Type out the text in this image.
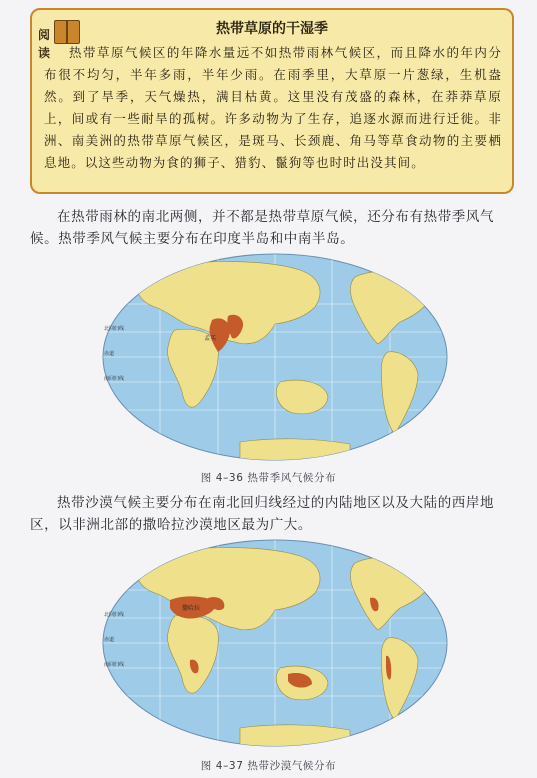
阅
读
热带草原的干湿季
热带草原气候区的年降水量远不如热带雨林气候区，而且降水的年内分布很不均匀，半年多雨，半年少雨。在雨季里，大草原一片葱绿，生机盎然。到了旱季，天气燥热，满目枯黄。这里没有茂盛的森林，在莽莽草原上，间或有一些耐旱的孤树。许多动物为了生存，追逐水源而进行迁徙。非洲、南美洲的热带草原气候区，是斑马、长颈鹿、角马等草食动物的主要栖息地。以这些动物为食的狮子、猎豹、鬣狗等也时时出没其间。
在热带雨林的南北两侧，并不都是热带草原气候，还分布有热带季风气候。热带季风气候主要分布在印度半岛和中南半岛。
孟买
北回归线
赤道
南回归线
图 4–36 热带季风气候分布
热带沙漠气候主要分布在南北回归线经过的内陆地区以及大陆的西岸地区，以非洲北部的撒哈拉沙漠地区最为广大。
撒哈拉
北回归线
赤道
南回归线
图 4–37 热带沙漠气候分布
